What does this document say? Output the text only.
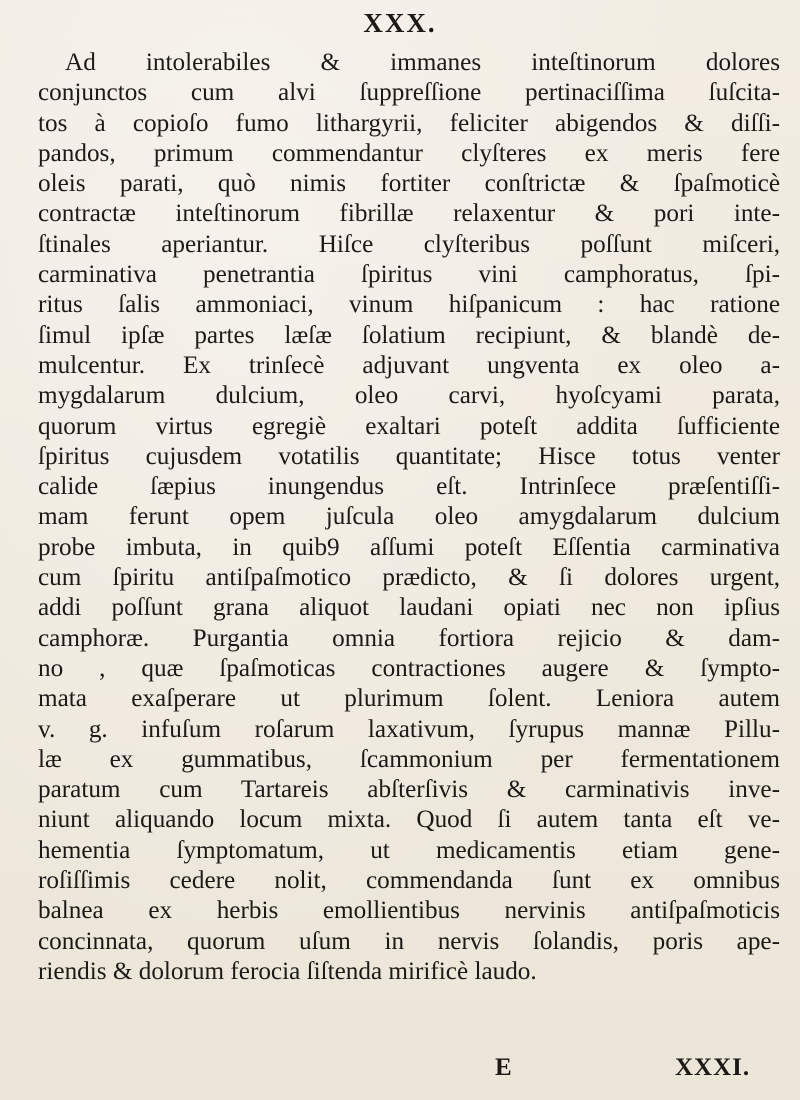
XXX.
Ad intolerabiles & immanes inteſtinorum dolores
conjunctos cum alvi ſuppreſſione pertinaciſſima ſuſcita-
tos à copioſo fumo lithargyrii, feliciter abigendos & diſſi-
pandos, primum commendantur clyſteres ex meris fere
oleis parati, quò nimis fortiter conſtrictæ & ſpaſmoticè
contractæ inteſtinorum fibrillæ relaxentur & pori inte-
ſtinales aperiantur. Hiſce clyſteribus poſſunt miſceri,
carminativa penetrantia ſpiritus vini camphoratus, ſpi-
ritus ſalis ammoniaci, vinum hiſpanicum : hac ratione
ſimul ipſæ partes læſæ ſolatium recipiunt, & blandè de-
mulcentur. Ex trinſecè adjuvant ungventa ex oleo a-
mygdalarum dulcium, oleo carvi, hyoſcyami parata,
quorum virtus egregiè exaltari poteſt addita ſufficiente
ſpiritus cujusdem votatilis quantitate; Hisce totus venter
calide ſæpius inungendus eſt. Intrinſece præſentiſſi-
mam ferunt opem juſcula oleo amygdalarum dulcium
probe imbuta, in quib9 aſſumi poteſt Eſſentia carminativa
cum ſpiritu antiſpaſmotico prædicto, & ſi dolores urgent,
addi poſſunt grana aliquot laudani opiati nec non ipſius
camphoræ. Purgantia omnia fortiora rejicio & dam-
no , quæ ſpaſmoticas contractiones augere & ſympto-
mata exaſperare ut plurimum ſolent. Leniora autem
v. g. infuſum roſarum laxativum, ſyrupus mannæ Pillu-
læ ex gummatibus, ſcammonium per fermentationem
paratum cum Tartareis abſterſivis & carminativis inve-
niunt aliquando locum mixta. Quod ſi autem tanta eſt ve-
hementia ſymptomatum, ut medicamentis etiam gene-
roſiſſimis cedere nolit, commendanda ſunt ex omnibus
balnea ex herbis emollientibus nervinis antiſpaſmoticis
concinnata, quorum uſum in nervis ſolandis, poris ape-
riendis & dolorum ferocia ſiſtenda mirificè laudo.
E	XXXI.
